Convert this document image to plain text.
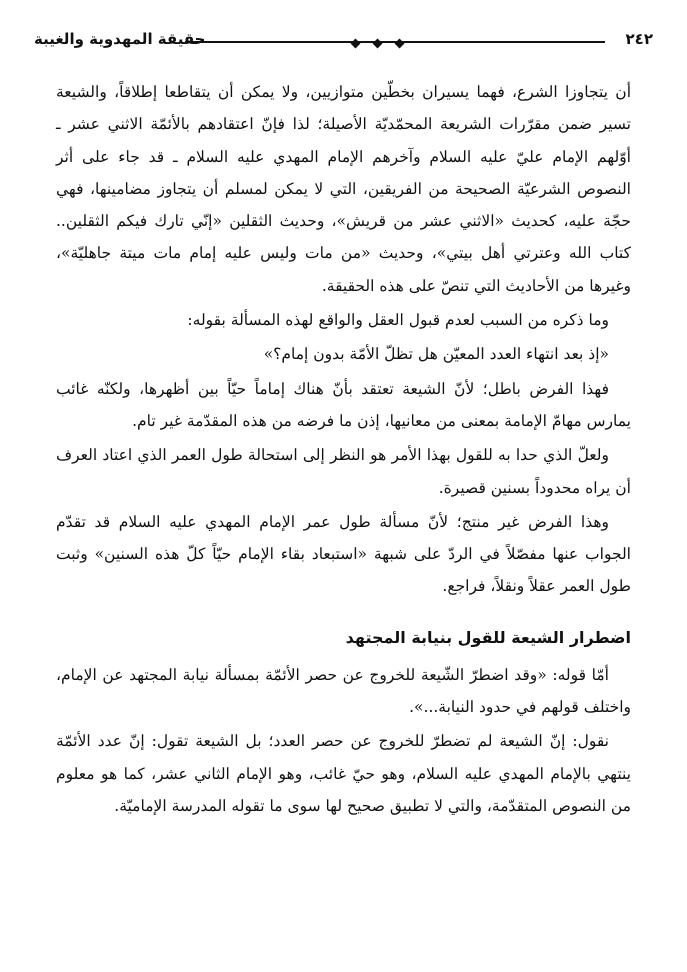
٢٤٢

حقيقة المهدوية والغيبة

أن يتجاوزا الشرع، فهما يسيران بخطّين متوازيين، ولا يمكن أن يتقاطعا إطلاقاً، والشيعة تسير ضمن مقرّرات الشريعة المحمّديّة الأصيلة؛ لذا فإنّ اعتقادهم بالأئمّة الاثني عشر ـ أوّلهم الإمام عليّ عليه السلام وآخرهم الإمام المهدي عليه السلام ـ قد جاء على أثر النصوص الشرعيّة الصحيحة من الفريقين، التي لا يمكن لمسلم أن يتجاوز مضامينها، فهي حجّة عليه، كحديث «الاثني عشر من قريش»، وحديث الثقلين «إنّي تارك فيكم الثقلين.. كتاب الله وعترتي أهل بيتي»، وحديث «من مات وليس عليه إمام مات ميتة جاهليّة»، وغيرها من الأحاديث التي تنصّ على هذه الحقيقة.

وما ذكره من السبب لعدم قبول العقل والواقع لهذه المسألة بقوله:

«إذ بعد انتهاء العدد المعيّن هل تظلّ الأمّة بدون إمام؟»

فهذا الفرض باطل؛ لأنّ الشيعة تعتقد بأنّ هناك إماماً حيّاً بين أظهرها، ولكنّه غائب يمارس مهامّ الإمامة بمعنى من معانيها، إذن ما فرضه من هذه المقدّمة غير تام.

ولعلّ الذي حدا به للقول بهذا الأمر هو النظر إلى استحالة طول العمر الذي اعتاد العرف أن يراه محدوداً بسنين قصيرة.

وهذا الفرض غير منتج؛ لأنّ مسألة طول عمر الإمام المهدي عليه السلام قد تقدّم الجواب عنها مفصّلاً في الردّ على شبهة «استبعاد بقاء الإمام حيّاً كلّ هذه السنين» وثبت طول العمر عقلاً ونقلاً، فراجع.

اضطرار الشيعة للقول بنيابة المجتهد

أمّا قوله: «وقد اضطرّ الشّيعة للخروج عن حصر الأئمّة بمسألة نيابة المجتهد عن الإمام، واختلف قولهم في حدود النيابة...».

نقول: إنّ الشيعة لم تضطرّ للخروج عن حصر العدد؛ بل الشيعة تقول: إنّ عدد الأئمّة ينتهي بالإمام المهدي عليه السلام، وهو حيّ غائب، وهو الإمام الثاني عشر، كما هو معلوم من النصوص المتقدّمة، والتي لا تطبيق صحيح لها سوى ما تقوله المدرسة الإماميّة.
